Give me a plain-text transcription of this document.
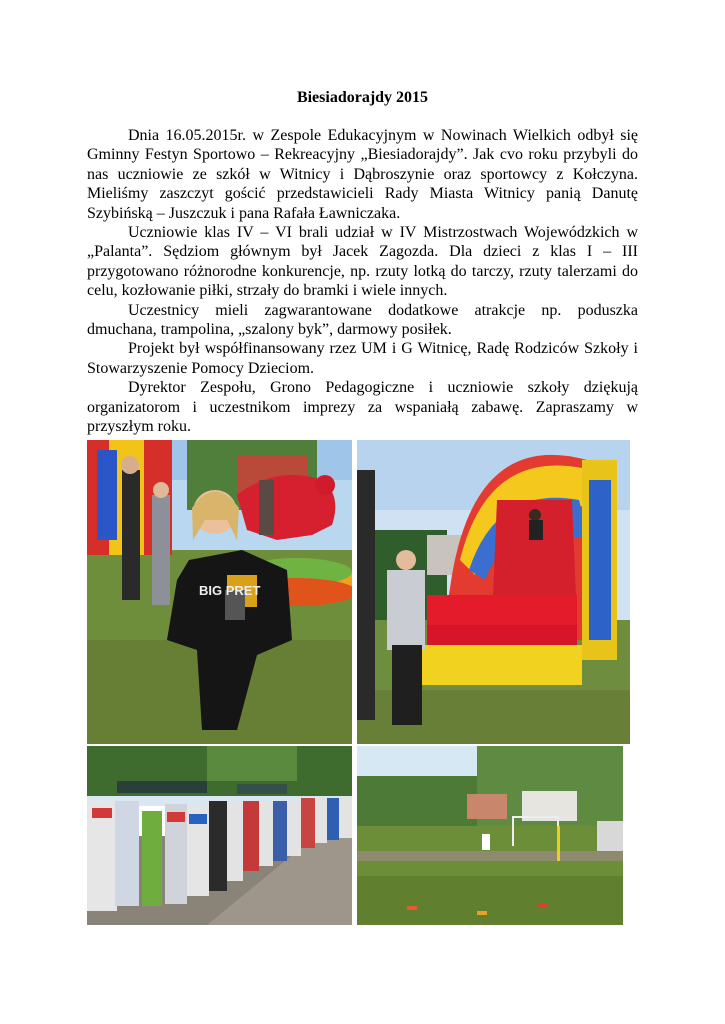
Biesiadorajdy 2015

Dnia 16.05.2015r. w Zespole Edukacyjnym w Nowinach Wielkich odbył się Gminny Festyn Sportowo – Rekreacyjny „Biesiadorajdy”. Jak cvo roku przybyli do nas uczniowie ze szkół w Witnicy i Dąbroszynie oraz sportowcy z Kołczyna. Mieliśmy zaszczyt gościć przedstawicieli Rady Miasta Witnicy panią Danutę Szybińską – Juszczuk i pana Rafała Ławniczaka.

Uczniowie klas IV – VI brali udział w IV Mistrzostwach Wojewódzkich w „Palanta”. Sędziom głównym był Jacek Zagozda. Dla dzieci z klas I – III przygotowano różnorodne konkurencje, np. rzuty lotką do tarczy, rzuty talerzami do celu, kozłowanie piłki, strzały do bramki i wiele innych.

Uczestnicy mieli zagwarantowane dodatkowe atrakcje np. poduszka dmuchana, trampolina, „szalony byk”, darmowy posiłek.

Projekt był współfinansowany rzez UM i G Witnicę, Radę Rodziców Szkoły i Stowarzyszenie Pomocy Dzieciom.

Dyrektor Zespołu, Grono Pedagogiczne i uczniowie szkoły dziękują organizatorom i uczestnikom imprezy za wspaniałą zabawę. Zapraszamy w przyszłym roku.

BIG PRET
